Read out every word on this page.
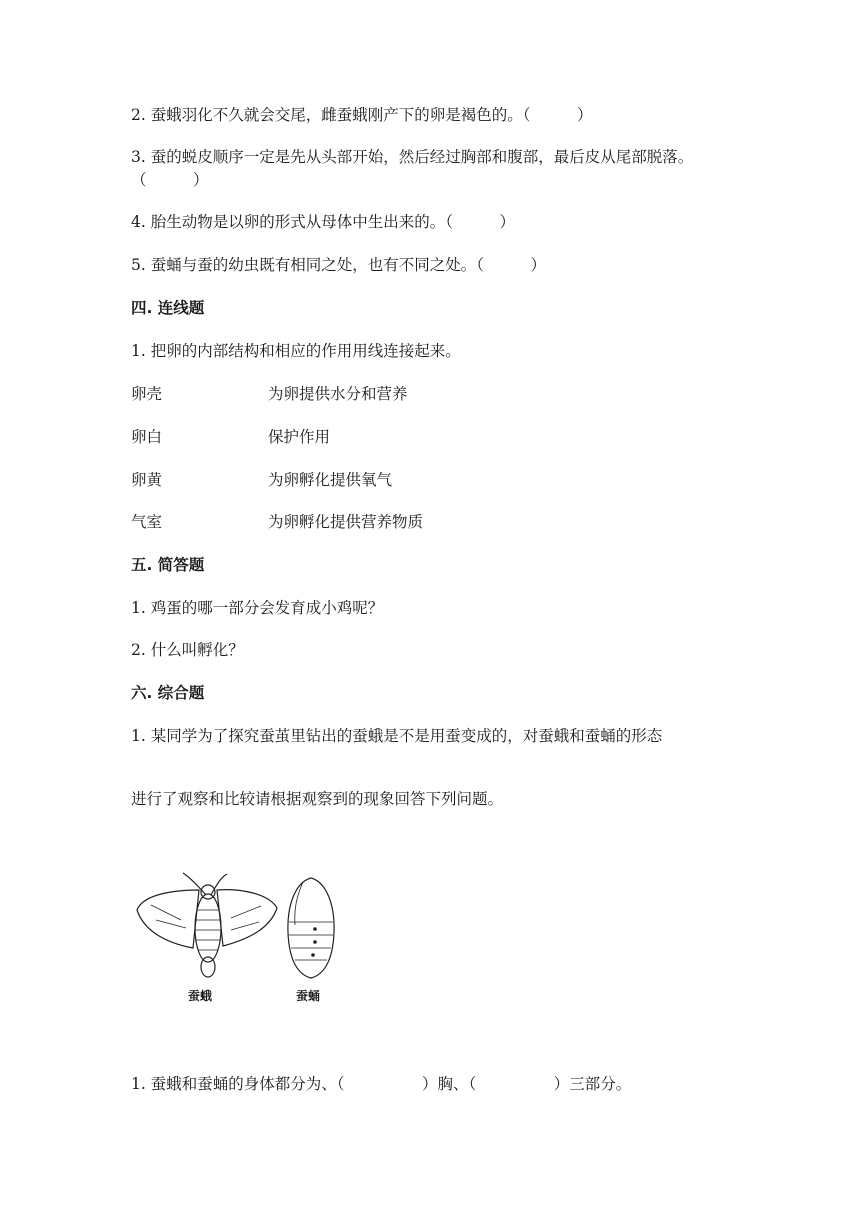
2. 蚕蛾羽化不久就会交尾，雌蚕蛾刚产下的卵是褐色的。（　　　）
3. 蚕的蜕皮顺序一定是先从头部开始，然后经过胸部和腹部，最后皮从尾部脱落。（　　　）
4. 胎生动物是以卵的形式从母体中生出来的。（　　　）
5. 蚕蛹与蚕的幼虫既有相同之处，也有不同之处。（　　　）
四. 连线题
1. 把卵的内部结构和相应的作用用线连接起来。
卵壳	为卵提供水分和营养
卵白	保护作用
卵黄	为卵孵化提供氧气
气室	为卵孵化提供营养物质
五. 简答题
1. 鸡蛋的哪一部分会发育成小鸡呢？
2. 什么叫孵化？
六. 综合题
1. 某同学为了探究蚕茧里钻出的蚕蛾是不是用蚕变成的，对蚕蛾和蚕蛹的形态
进行了观察和比较请根据观察到的现象回答下列问题。
蚕蛾	蚕蛹
1. 蚕蛾和蚕蛹的身体都分为、（　　　　　）胸、（　　　　　）三部分。
